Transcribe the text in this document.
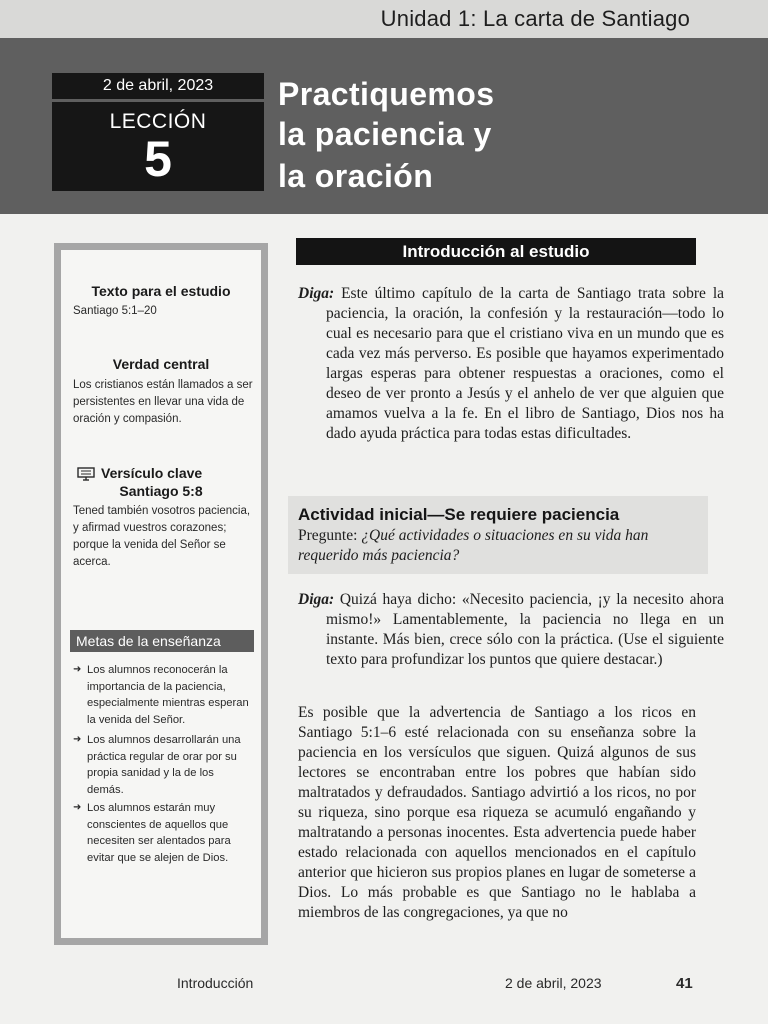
Unidad 1: La carta de Santiago
2 de abril, 2023
LECCIÓN
5
Practiquemos
la paciencia y
la oración
Texto para el estudio
Santiago 5:1–20
Verdad central
Los cristianos están llamados a ser persistentes en llevar una vida de oración y compasión.
Versículo clave
Santiago 5:8
Tened también vosotros paciencia, y afirmad vuestros corazones; porque la venida del Señor se acerca.
Metas de la enseñanza
➜ Los alumnos reconocerán la importancia de la paciencia, especialmente mientras esperan la venida del Señor.
➜ Los alumnos desarrollarán una práctica regular de orar por su propia sanidad y la de los demás.
➜ Los alumnos estarán muy conscientes de aquellos que necesiten ser alentados para evitar que se alejen de Dios.
Introducción al estudio
Diga: Este último capítulo de la carta de Santiago trata sobre la paciencia, la oración, la confesión y la restauración—todo lo cual es necesario para que el cristiano viva en un mundo que es cada vez más perverso. Es posible que hayamos experimentado largas esperas para obtener respuestas a oraciones, como el deseo de ver pronto a Jesús y el anhelo de ver que alguien que amamos vuelva a la fe. En el libro de Santiago, Dios nos ha dado ayuda práctica para todas estas dificultades.
Actividad inicial—Se requiere paciencia
Pregunte: ¿Qué actividades o situaciones en su vida han requerido más paciencia?
Diga: Quizá haya dicho: «Necesito paciencia, ¡y la necesito ahora mismo!» Lamentablemente, la paciencia no llega en un instante. Más bien, crece sólo con la práctica. (Use el siguiente texto para profundizar los puntos que quiere destacar.)
Es posible que la advertencia de Santiago a los ricos en Santiago 5:1–6 esté relacionada con su enseñanza sobre la paciencia en los versículos que siguen. Quizá algunos de sus lectores se encontraban entre los pobres que habían sido maltratados y defraudados. Santiago advirtió a los ricos, no por su riqueza, sino porque esa riqueza se acumuló engañando y maltratando a personas inocentes. Esta advertencia puede haber estado relacionada con aquellos mencionados en el capítulo anterior que hicieron sus propios planes en lugar de someterse a Dios. Lo más probable es que Santiago no le hablaba a miembros de las congregaciones, ya que no
Introducción	2 de abril, 2023	41
